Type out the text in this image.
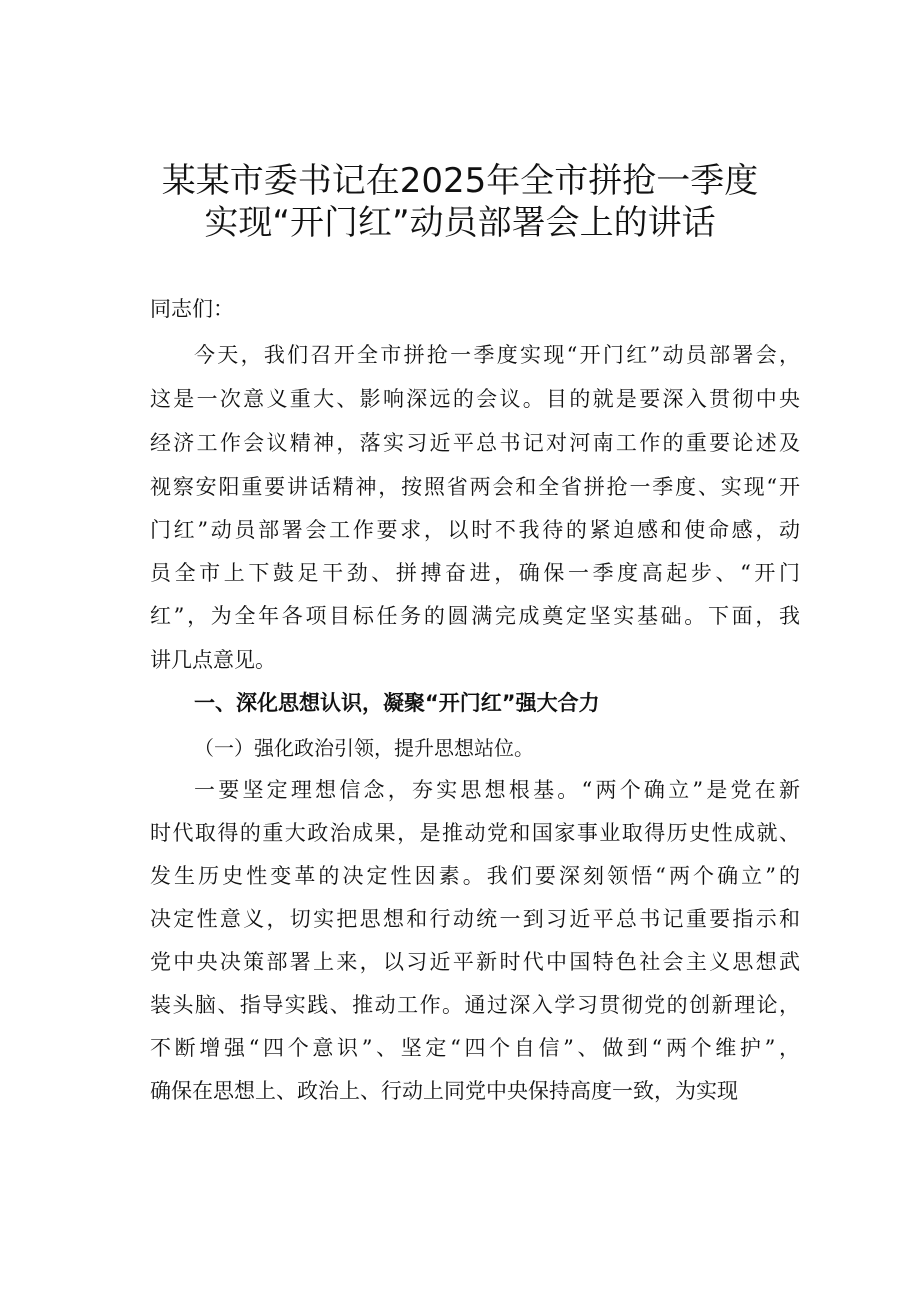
某某市委书记在2025年全市拼抢一季度
实现“开门红”动员部署会上的讲话
同志们：
今天，我们召开全市拼抢一季度实现“开门红”动员部署会，
这是一次意义重大、影响深远的会议。目的就是要深入贯彻中央
经济工作会议精神，落实习近平总书记对河南工作的重要论述及
视察安阳重要讲话精神，按照省两会和全省拼抢一季度、实现“开
门红”动员部署会工作要求，以时不我待的紧迫感和使命感，动
员全市上下鼓足干劲、拼搏奋进，确保一季度高起步、“开门
红”，为全年各项目标任务的圆满完成奠定坚实基础。下面，我
讲几点意见。
一、深化思想认识，凝聚“开门红”强大合力
（一）强化政治引领，提升思想站位。
一要坚定理想信念，夯实思想根基。“两个确立”是党在新
时代取得的重大政治成果，是推动党和国家事业取得历史性成就、
发生历史性变革的决定性因素。我们要深刻领悟“两个确立”的
决定性意义，切实把思想和行动统一到习近平总书记重要指示和
党中央决策部署上来，以习近平新时代中国特色社会主义思想武
装头脑、指导实践、推动工作。通过深入学习贯彻党的创新理论，
不断增强“四个意识”、坚定“四个自信”、做到“两个维护”，
确保在思想上、政治上、行动上同党中央保持高度一致，为实现
